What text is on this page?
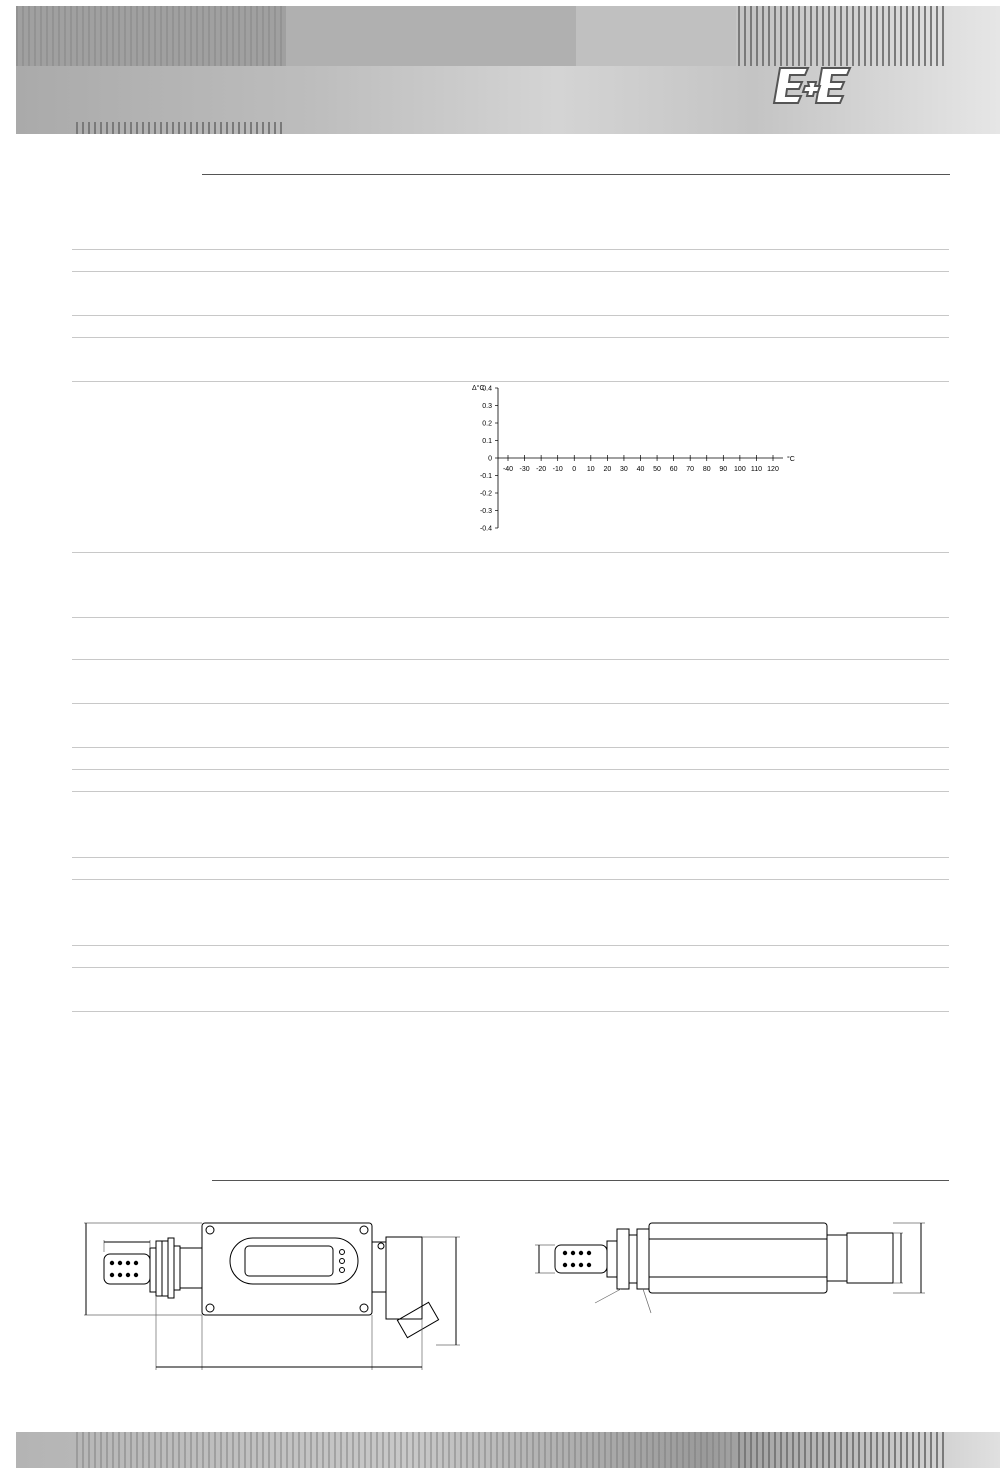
0.4
0.3
0.2
0.1
0
-0.1
-0.2
-0.3
-0.4
-40 -30 -20 -10 0 10 20 30 40 50 60 70 80 90 100 110 120
Δ°C
°C
